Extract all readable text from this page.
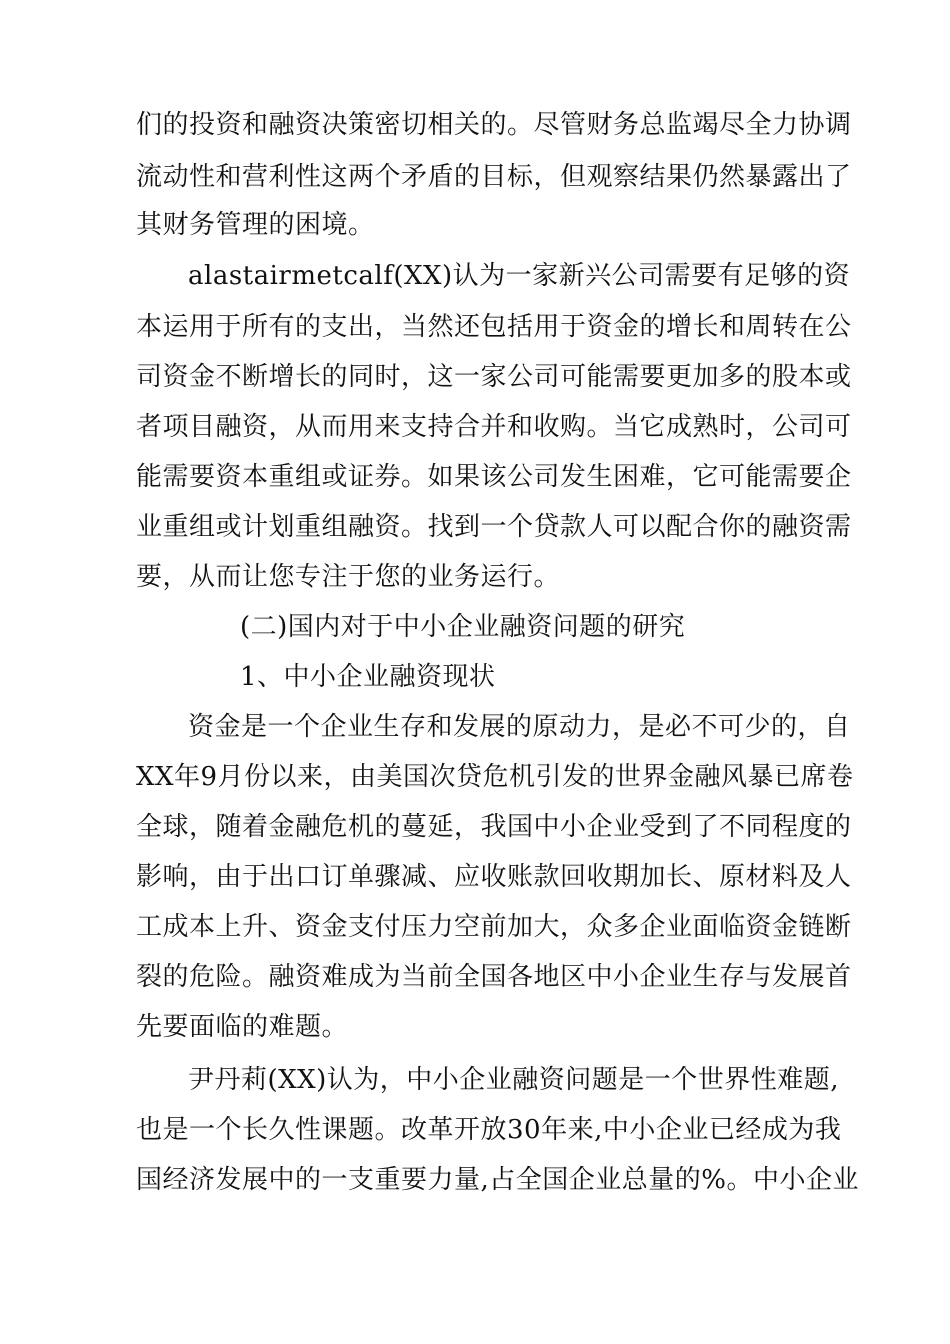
们的投资和融资决策密切相关的。尽管财务总监竭尽全力协调
流动性和营利性这两个矛盾的目标，但观察结果仍然暴露出了
其财务管理的困境。
alastairmetcalf(XX)认为一家新兴公司需要有足够的资
本运用于所有的支出，当然还包括用于资金的增长和周转在公
司资金不断增长的同时，这一家公司可能需要更加多的股本或
者项目融资，从而用来支持合并和收购。当它成熟时，公司可
能需要资本重组或证券。如果该公司发生困难，它可能需要企
业重组或计划重组融资。找到一个贷款人可以配合你的融资需
要，从而让您专注于您的业务运行。
(二)国内对于中小企业融资问题的研究
1、中小企业融资现状
资金是一个企业生存和发展的原动力，是必不可少的，自
XX年9月份以来，由美国次贷危机引发的世界金融风暴已席卷
全球，随着金融危机的蔓延，我国中小企业受到了不同程度的
影响，由于出口订单骤减、应收账款回收期加长、原材料及人
工成本上升、资金支付压力空前加大，众多企业面临资金链断
裂的危险。融资难成为当前全国各地区中小企业生存与发展首
先要面临的难题。
尹丹莉(XX)认为，中小企业融资问题是一个世界性难题,
也是一个长久性课题。改革开放30年来,中小企业已经成为我
国经济发展中的一支重要力量,占全国企业总量的%。中小企业
